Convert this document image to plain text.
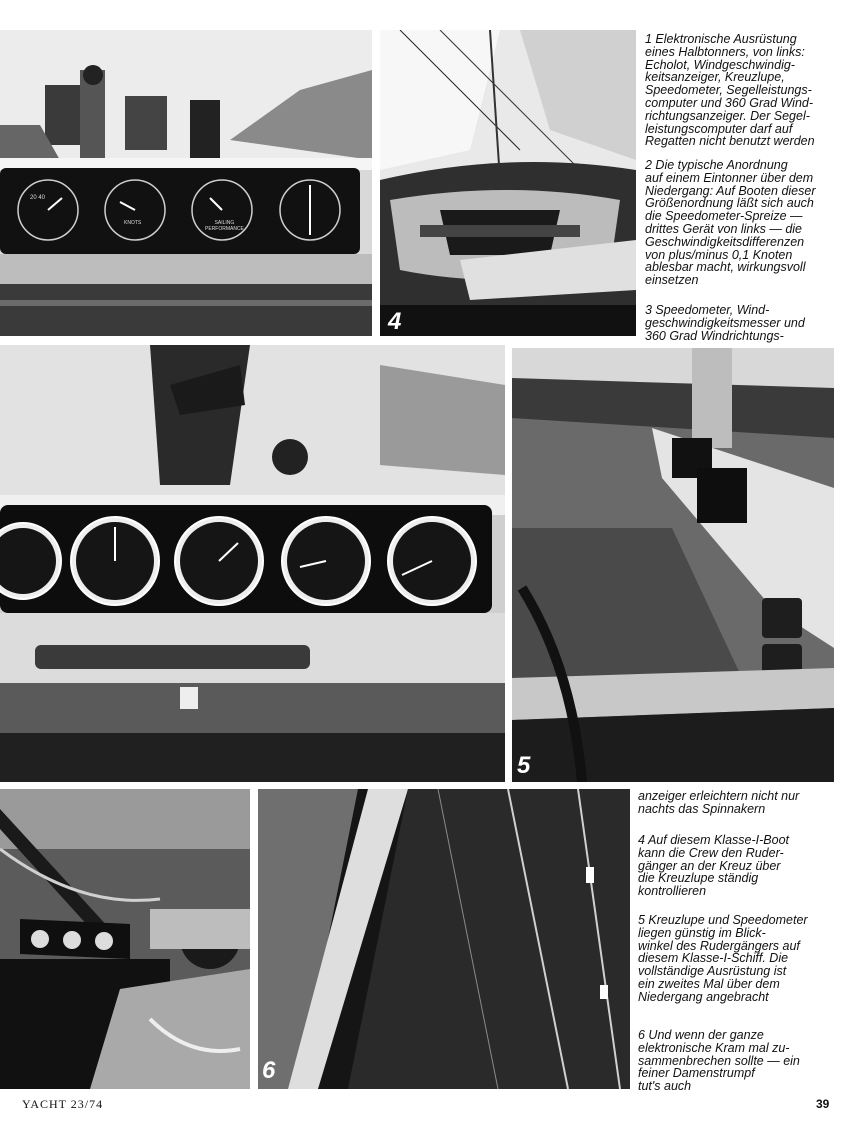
20 40
KNOTS	SAILING
PERFORMANCE
4
1 Elektronische Ausrüstung
eines Halbtonners, von links:
Echolot, Windgeschwindig-
keitsanzeiger, Kreuzlupe,
Speedometer, Segelleistungs-
computer und 360 Grad Wind-
richtungsanzeiger. Der Segel-
leistungscomputer darf auf
Regatten nicht benutzt werden
2 Die typische Anordnung
auf einem Eintonner über dem
Niedergang: Auf Booten dieser
Größenordnung läßt sich auch
die Speedometer-Spreize —
drittes Gerät von links — die
Geschwindigkeitsdifferenzen
von plus/minus 0,1 Knoten
ablesbar macht, wirkungsvoll
einsetzen
3 Speedometer, Wind-
geschwindigkeitsmesser und
360 Grad Windrichtungs-
5
anzeiger erleichtern nicht nur
nachts das Spinnakern
4 Auf diesem Klasse-I-Boot
kann die Crew den Ruder-
gänger an der Kreuz über
die Kreuzlupe ständig
kontrollieren
5 Kreuzlupe und Speedometer
liegen günstig im Blick-
winkel des Rudergängers auf
diesem Klasse-I-Schiff. Die
vollständige Ausrüstung ist
ein zweites Mal über dem
Niedergang angebracht
6 Und wenn der ganze
elektronische Kram mal zu-
sammenbrechen sollte — ein
feiner Damenstrumpf
tut's auch
6
YACHT 23/74	39
